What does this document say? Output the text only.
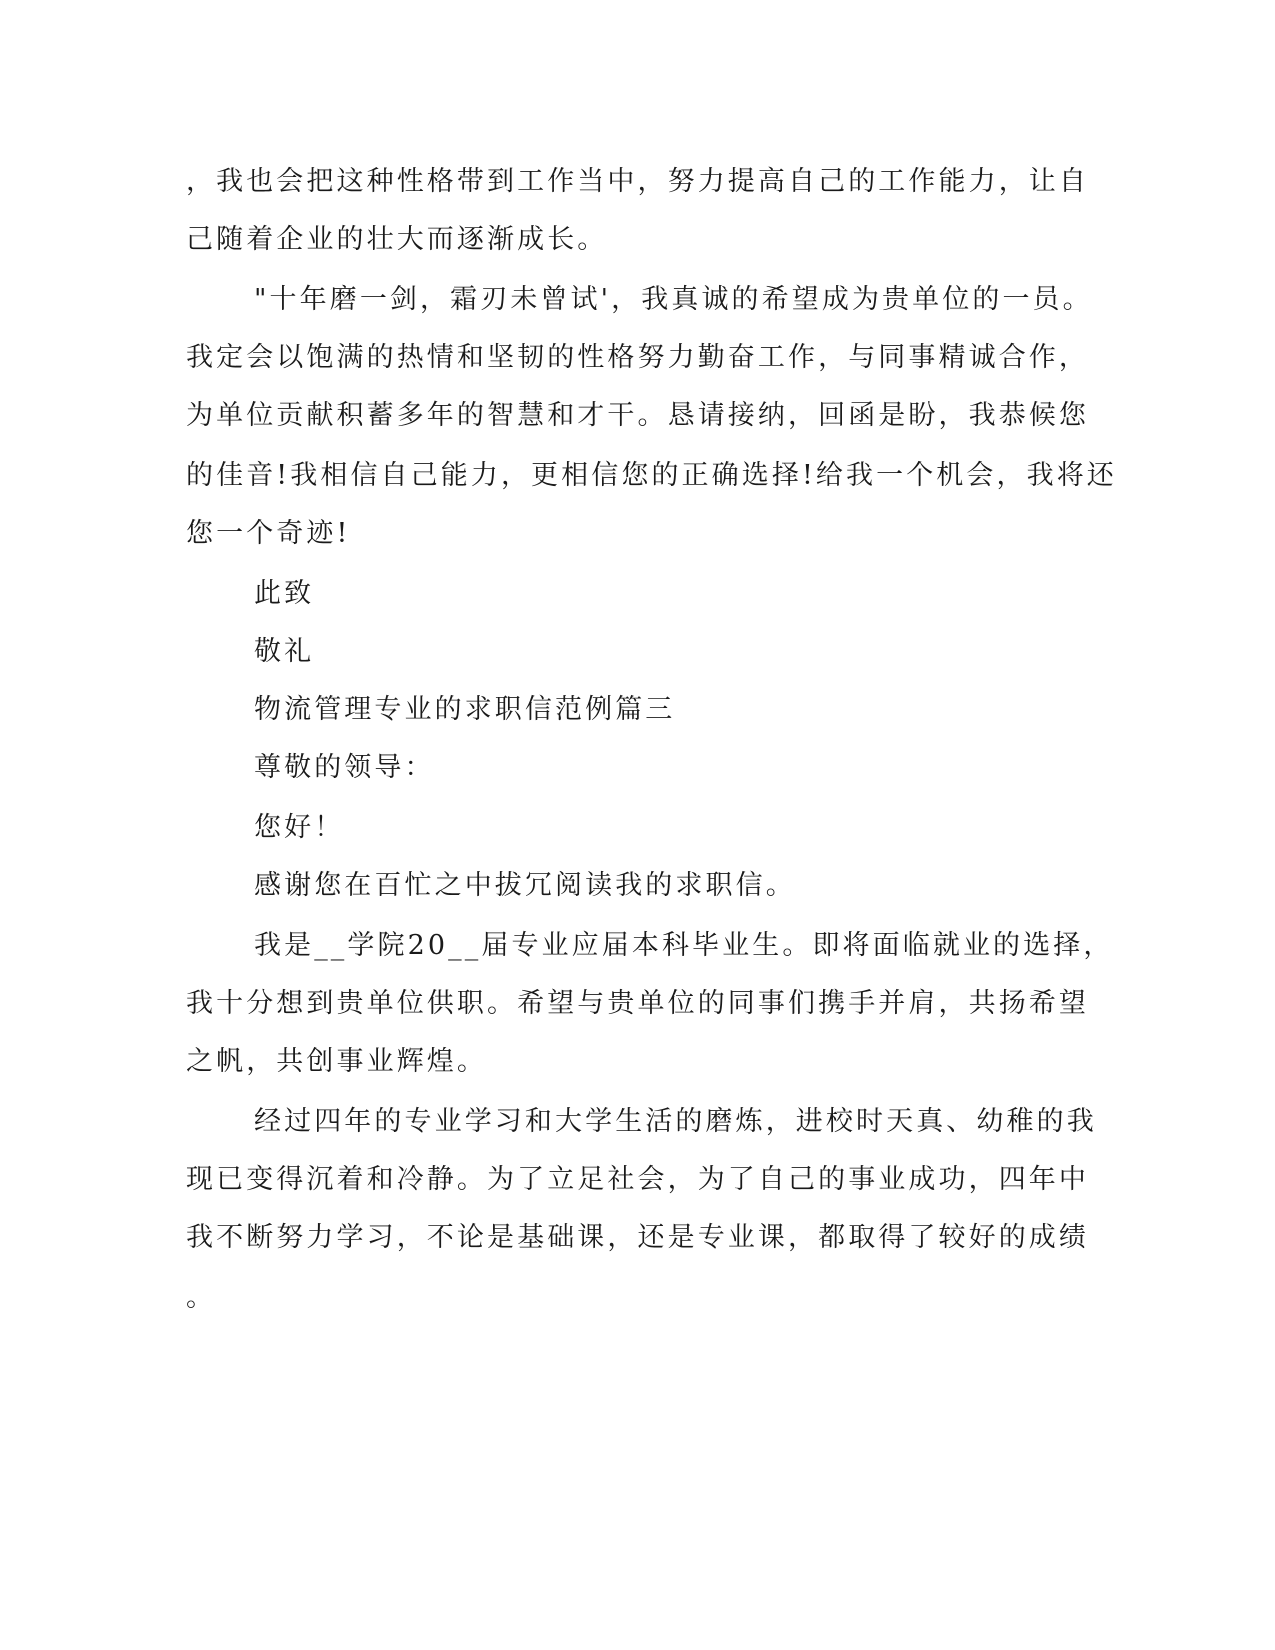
，我也会把这种性格带到工作当中，努力提高自己的工作能力，让自
己随着企业的壮大而逐渐成长。
"十年磨一剑，霜刃未曾试'，我真诚的希望成为贵单位的一员。
我定会以饱满的热情和坚韧的性格努力勤奋工作，与同事精诚合作，
为单位贡献积蓄多年的智慧和才干。恳请接纳，回函是盼，我恭候您
的佳音!我相信自己能力，更相信您的正确选择!给我一个机会，我将还
您一个奇迹!
此致
敬礼
物流管理专业的求职信范例篇三
尊敬的领导：
您好！
感谢您在百忙之中拔冗阅读我的求职信。
我是__学院20__届专业应届本科毕业生。即将面临就业的选择，
我十分想到贵单位供职。希望与贵单位的同事们携手并肩，共扬希望
之帆，共创事业辉煌。
经过四年的专业学习和大学生活的磨炼，进校时天真、幼稚的我
现已变得沉着和冷静。为了立足社会，为了自己的事业成功，四年中
我不断努力学习，不论是基础课，还是专业课，都取得了较好的成绩
。
